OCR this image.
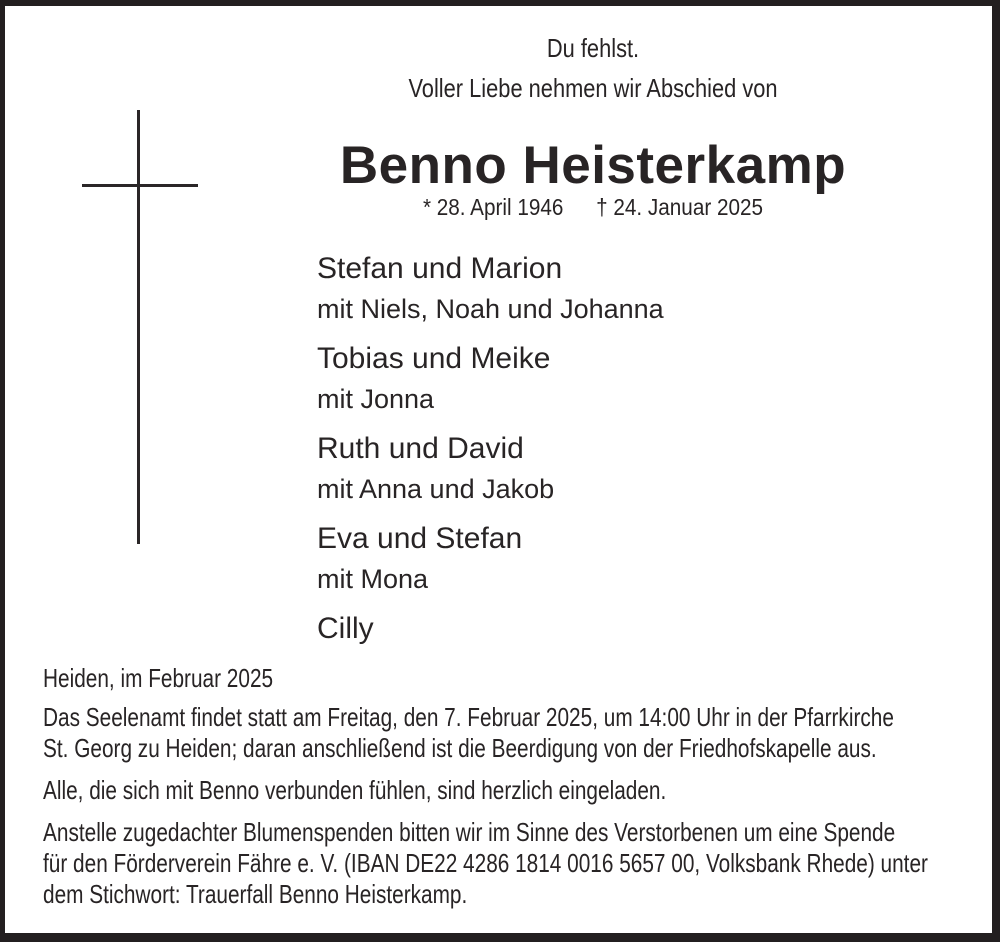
Du fehlst.
Voller Liebe nehmen wir Abschied von
Benno Heisterkamp
* 28. April 1946 † 24. Januar 2025
Stefan und Marion
mit Niels, Noah und Johanna
Tobias und Meike
mit Jonna
Ruth und David
mit Anna und Jakob
Eva und Stefan
mit Mona
Cilly
Heiden, im Februar 2025
Das Seelenamt findet statt am Freitag, den 7. Februar 2025, um 14:00 Uhr in der Pfarrkirche
St. Georg zu Heiden; daran anschließend ist die Beerdigung von der Friedhofskapelle aus.
Alle, die sich mit Benno verbunden fühlen, sind herzlich eingeladen.
Anstelle zugedachter Blumenspenden bitten wir im Sinne des Verstorbenen um eine Spende
für den Förderverein Fähre e. V. (IBAN DE22 4286 1814 0016 5657 00, Volksbank Rhede) unter
dem Stichwort: Trauerfall Benno Heisterkamp.
